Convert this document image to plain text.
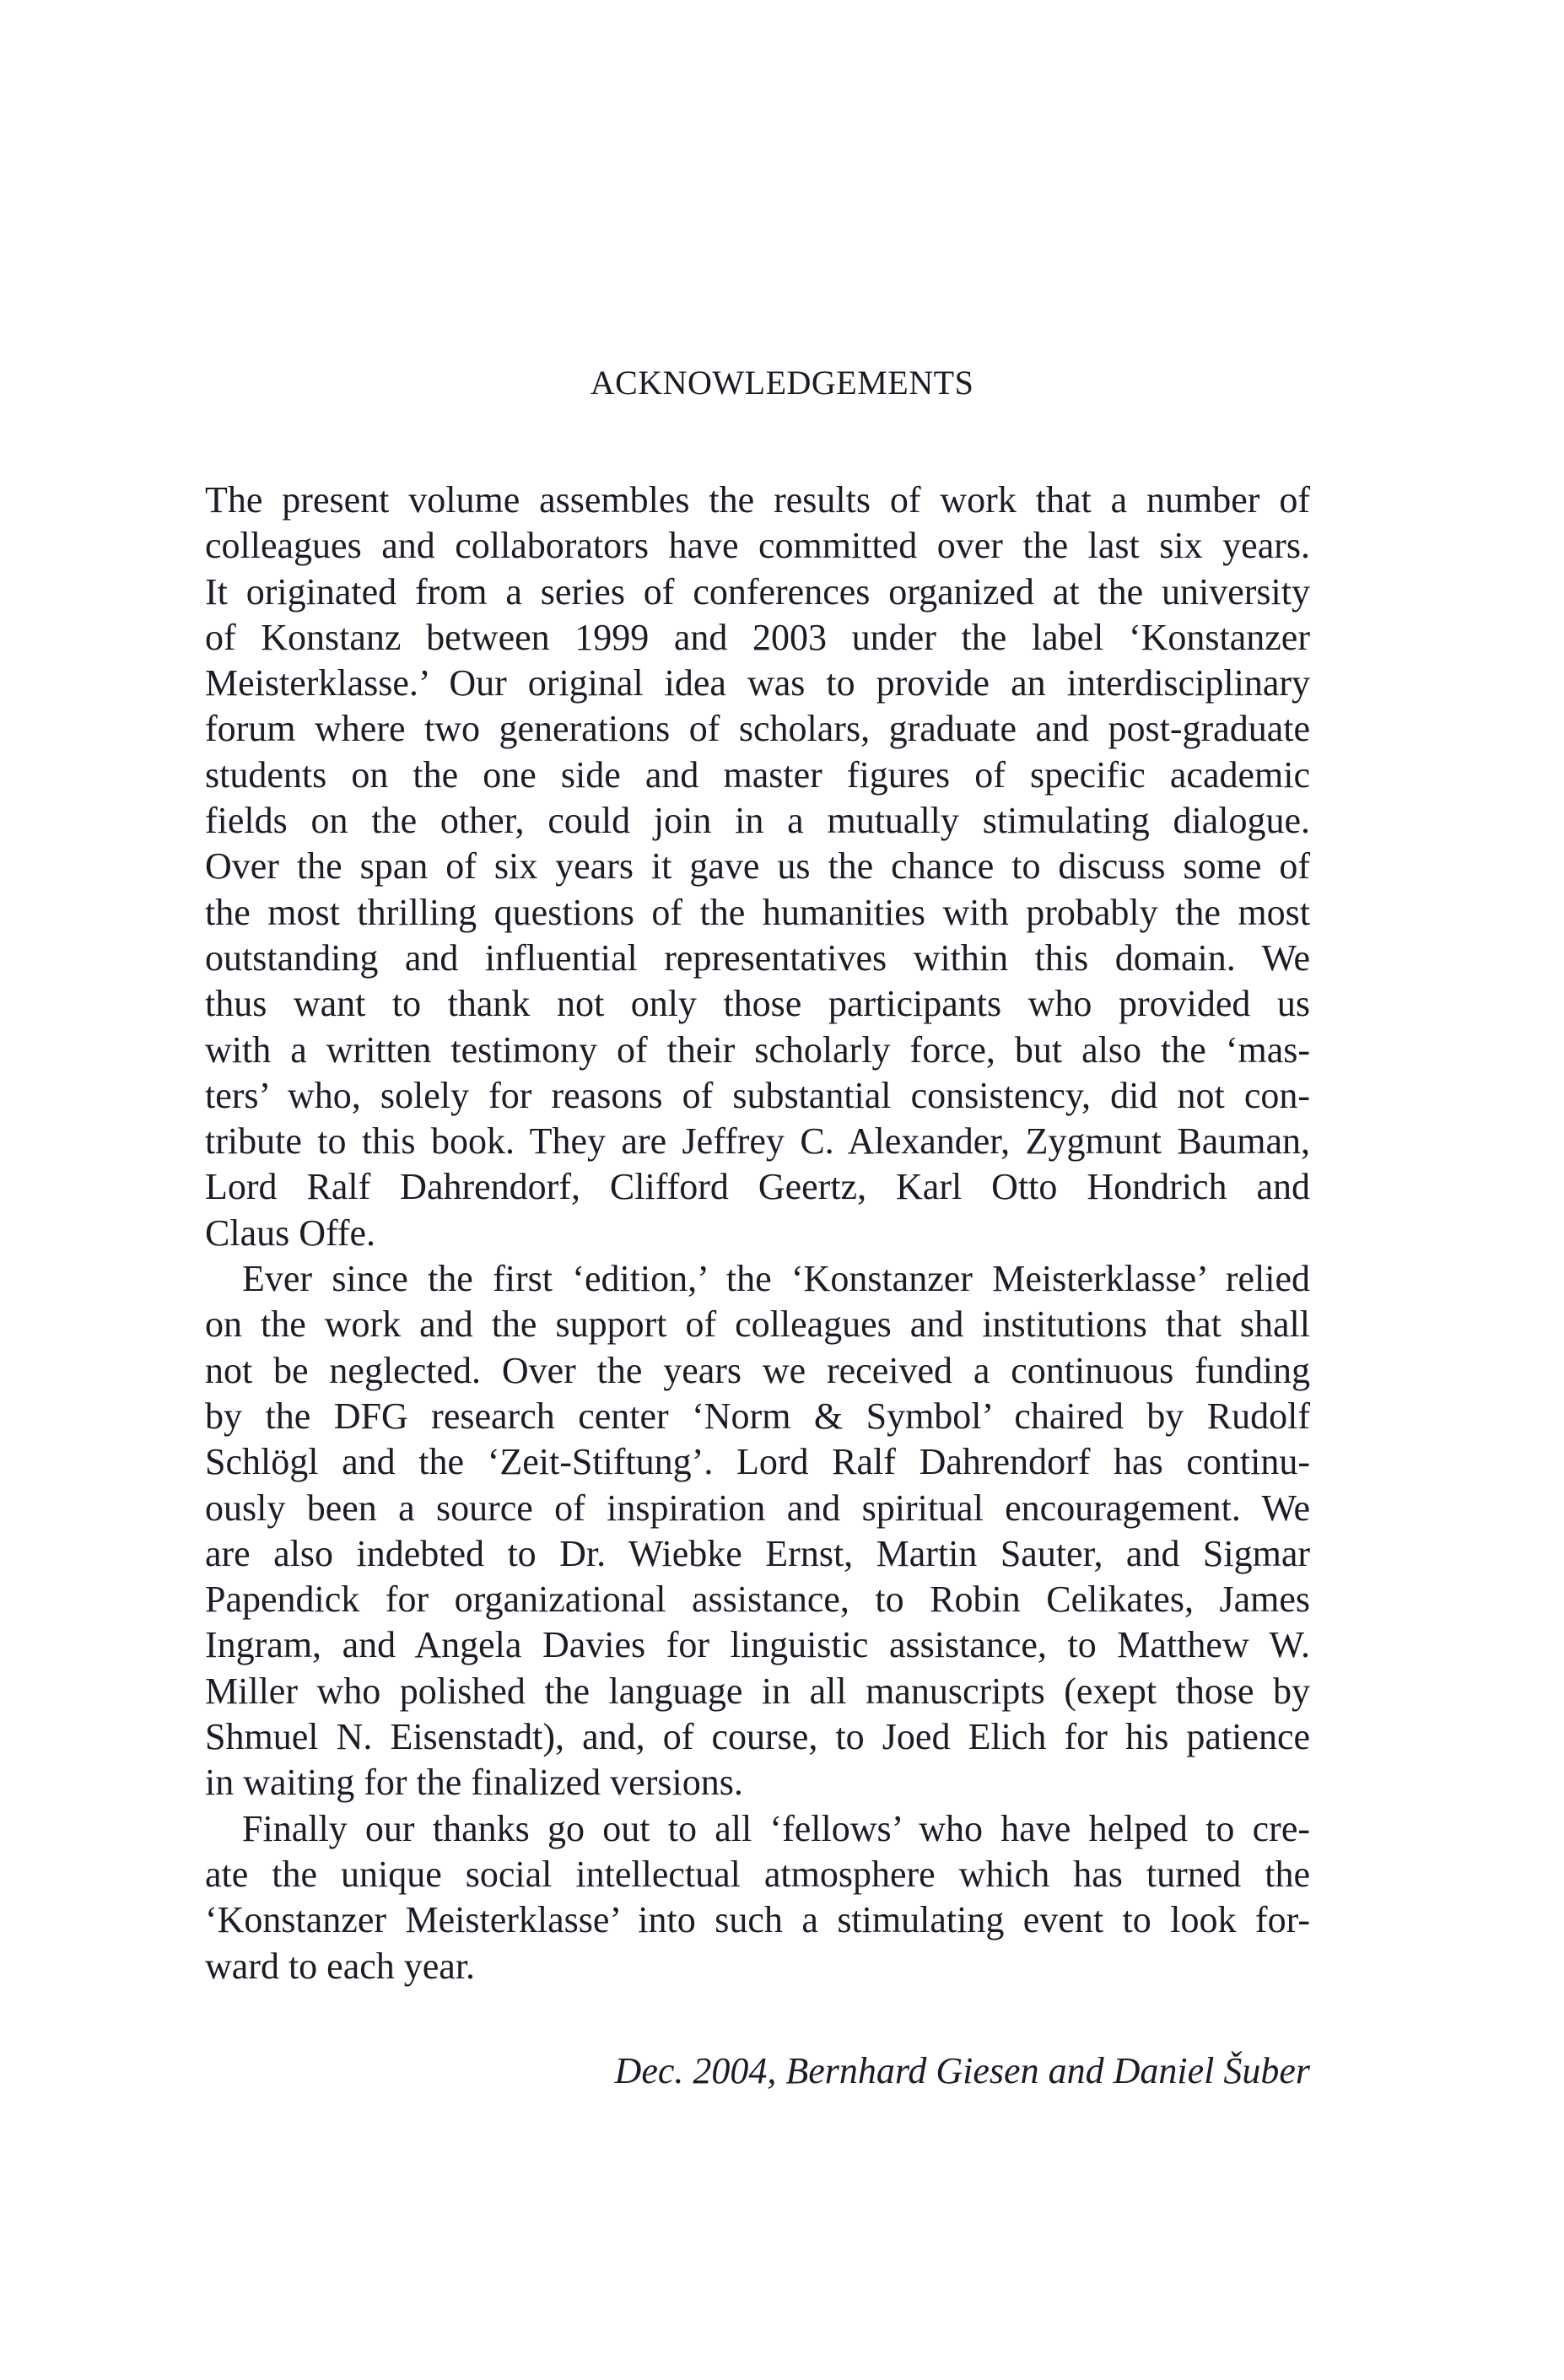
ACKNOWLEDGEMENTS
The present volume assembles the results of work that a number of
colleagues and collaborators have committed over the last six years.
It originated from a series of conferences organized at the university
of Konstanz between 1999 and 2003 under the label ‘Konstanzer
Meisterklasse.’ Our original idea was to provide an interdisciplinary
forum where two generations of scholars, graduate and post-graduate
students on the one side and master figures of specific academic
fields on the other, could join in a mutually stimulating dialogue.
Over the span of six years it gave us the chance to discuss some of
the most thrilling questions of the humanities with probably the most
outstanding and influential representatives within this domain. We
thus want to thank not only those participants who provided us
with a written testimony of their scholarly force, but also the ‘mas-
ters’ who, solely for reasons of substantial consistency, did not con-
tribute to this book. They are Jeffrey C. Alexander, Zygmunt Bauman,
Lord Ralf Dahrendorf, Clifford Geertz, Karl Otto Hondrich and
Claus Offe.
Ever since the first ‘edition,’ the ‘Konstanzer Meisterklasse’ relied
on the work and the support of colleagues and institutions that shall
not be neglected. Over the years we received a continuous funding
by the DFG research center ‘Norm & Symbol’ chaired by Rudolf
Schlögl and the ‘Zeit-Stiftung’. Lord Ralf Dahrendorf has continu-
ously been a source of inspiration and spiritual encouragement. We
are also indebted to Dr. Wiebke Ernst, Martin Sauter, and Sigmar
Papendick for organizational assistance, to Robin Celikates, James
Ingram, and Angela Davies for linguistic assistance, to Matthew W.
Miller who polished the language in all manuscripts (exept those by
Shmuel N. Eisenstadt), and, of course, to Joed Elich for his patience
in waiting for the finalized versions.
Finally our thanks go out to all ‘fellows’ who have helped to cre-
ate the unique social intellectual atmosphere which has turned the
‘Konstanzer Meisterklasse’ into such a stimulating event to look for-
ward to each year.
Dec. 2004, Bernhard Giesen and Daniel Šuber
